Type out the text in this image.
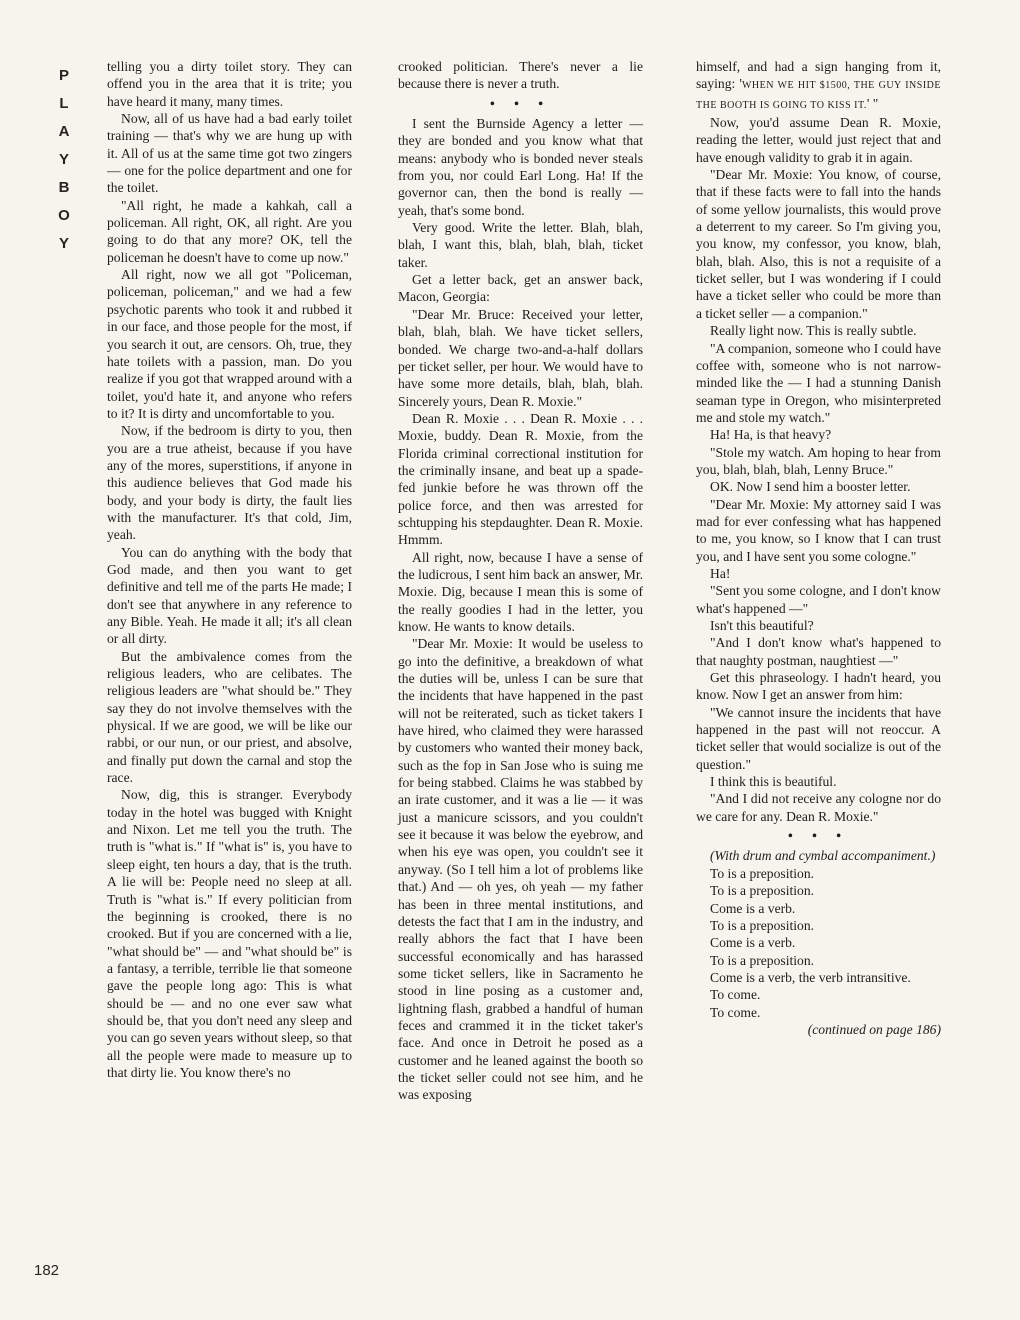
P
L
A
Y
B
O
Y
182

telling you a dirty toilet story. They can offend you in the area that it is trite; you have heard it many, many times.

Now, all of us have had a bad early toilet training — that's why we are hung up with it. All of us at the same time got two zingers — one for the police department and one for the toilet.

"All right, he made a kahkah, call a policeman. All right, OK, all right. Are you going to do that any more? OK, tell the policeman he doesn't have to come up now."

All right, now we all got "Policeman, policeman, policeman," and we had a few psychotic parents who took it and rubbed it in our face, and those people for the most, if you search it out, are censors. Oh, true, they hate toilets with a passion, man. Do you realize if you got that wrapped around with a toilet, you'd hate it, and anyone who refers to it? It is dirty and uncomfortable to you.

Now, if the bedroom is dirty to you, then you are a true atheist, because if you have any of the mores, superstitions, if anyone in this audience believes that God made his body, and your body is dirty, the fault lies with the manufacturer. It's that cold, Jim, yeah.

You can do anything with the body that God made, and then you want to get definitive and tell me of the parts He made; I don't see that anywhere in any reference to any Bible. Yeah. He made it all; it's all clean or all dirty.

But the ambivalence comes from the religious leaders, who are celibates. The religious leaders are "what should be." They say they do not involve themselves with the physical. If we are good, we will be like our rabbi, or our nun, or our priest, and absolve, and finally put down the carnal and stop the race.

Now, dig, this is stranger. Everybody today in the hotel was bugged with Knight and Nixon. Let me tell you the truth. The truth is "what is." If "what is" is, you have to sleep eight, ten hours a day, that is the truth. A lie will be: People need no sleep at all. Truth is "what is." If every politician from the beginning is crooked, there is no crooked. But if you are concerned with a lie, "what should be" — and "what should be" is a fantasy, a terrible, terrible lie that someone gave the people long ago: This is what should be — and no one ever saw what should be, that you don't need any sleep and you can go seven years without sleep, so that all the people were made to measure up to that dirty lie. You know there's no

crooked politician. There's never a lie because there is never a truth.

• • •

I sent the Burnside Agency a letter — they are bonded and you know what that means: anybody who is bonded never steals from you, nor could Earl Long. Ha! If the governor can, then the bond is really — yeah, that's some bond.

Very good. Write the letter. Blah, blah, blah, I want this, blah, blah, blah, ticket taker.

Get a letter back, get an answer back, Macon, Georgia:

"Dear Mr. Bruce: Received your letter, blah, blah, blah. We have ticket sellers, bonded. We charge two-and-a-half dollars per ticket seller, per hour. We would have to have some more details, blah, blah, blah. Sincerely yours, Dean R. Moxie."

Dean R. Moxie . . . Dean R. Moxie . . . Moxie, buddy. Dean R. Moxie, from the Florida criminal correctional institution for the criminally insane, and beat up a spade-fed junkie before he was thrown off the police force, and then was arrested for schtupping his stepdaughter. Dean R. Moxie. Hmmm.

All right, now, because I have a sense of the ludicrous, I sent him back an answer, Mr. Moxie. Dig, because I mean this is some of the really goodies I had in the letter, you know. He wants to know details.

"Dear Mr. Moxie: It would be useless to go into the definitive, a breakdown of what the duties will be, unless I can be sure that the incidents that have happened in the past will not be reiterated, such as ticket takers I have hired, who claimed they were harassed by customers who wanted their money back, such as the fop in San Jose who is suing me for being stabbed. Claims he was stabbed by an irate customer, and it was a lie — it was just a manicure scissors, and you couldn't see it because it was below the eyebrow, and when his eye was open, you couldn't see it anyway. (So I tell him a lot of problems like that.) And — oh yes, oh yeah — my father has been in three mental institutions, and detests the fact that I am in the industry, and really abhors the fact that I have been successful economically and has harassed some ticket sellers, like in Sacramento he stood in line posing as a customer and, lightning flash, grabbed a handful of human feces and crammed it in the ticket taker's face. And once in Detroit he posed as a customer and he leaned against the booth so the ticket seller could not see him, and he was exposing

himself, and had a sign hanging from it, saying: 'WHEN WE HIT $1500, THE GUY INSIDE THE BOOTH IS GOING TO KISS IT.' "

Now, you'd assume Dean R. Moxie, reading the letter, would just reject that and have enough validity to grab it in again.

"Dear Mr. Moxie: You know, of course, that if these facts were to fall into the hands of some yellow journalists, this would prove a deterrent to my career. So I'm giving you, you know, my confessor, you know, blah, blah, blah. Also, this is not a requisite of a ticket seller, but I was wondering if I could have a ticket seller who could be more than a ticket seller — a companion."

Really light now. This is really subtle.

"A companion, someone who I could have coffee with, someone who is not narrow-minded like the — I had a stunning Danish seaman type in Oregon, who misinterpreted me and stole my watch."

Ha! Ha, is that heavy?

"Stole my watch. Am hoping to hear from you, blah, blah, blah, Lenny Bruce."

OK. Now I send him a booster letter.

"Dear Mr. Moxie: My attorney said I was mad for ever confessing what has happened to me, you know, so I know that I can trust you, and I have sent you some cologne."

Ha!

"Sent you some cologne, and I don't know what's happened —"

Isn't this beautiful?

"And I don't know what's happened to that naughty postman, naughtiest —"

Get this phraseology. I hadn't heard, you know. Now I get an answer from him:

"We cannot insure the incidents that have happened in the past will not reoccur. A ticket seller that would socialize is out of the question."

I think this is beautiful.

"And I did not receive any cologne nor do we care for any. Dean R. Moxie."

• • •

(With drum and cymbal accompaniment.)

To is a preposition.

To is a preposition.

Come is a verb.

To is a preposition.

Come is a verb.

To is a preposition.

Come is a verb, the verb intransitive.

To come.

To come.

(continued on page 186)
